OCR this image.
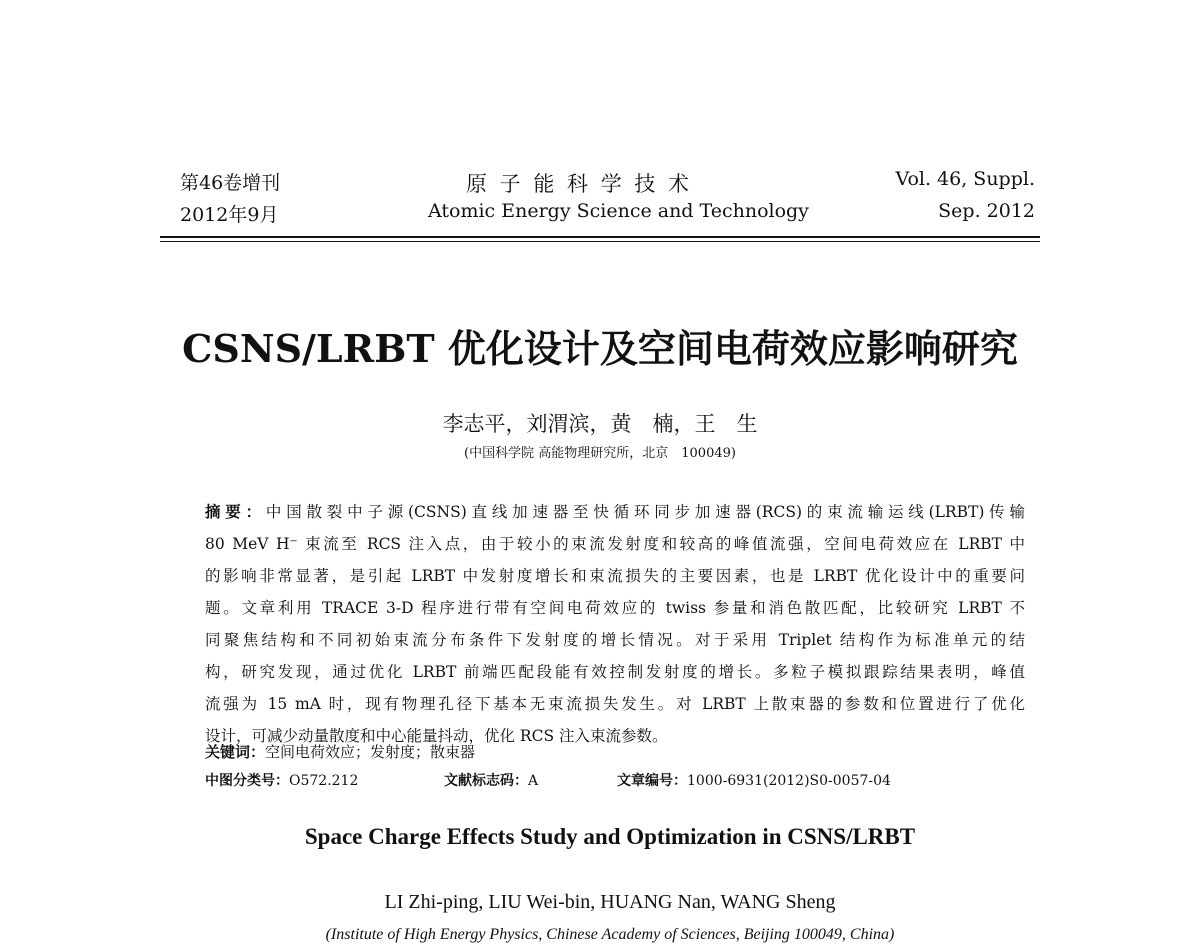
第46卷增刊
2012年9月
原 子 能 科 学 技 术
Atomic Energy Science and Technology
Vol. 46, Suppl.
Sep. 2012
CSNS/LRBT 优化设计及空间电荷效应影响研究
李志平，刘渭滨，黄　楠，王　生
(中国科学院 高能物理研究所，北京　100049)
摘要：中国散裂中子源(CSNS)直线加速器至快循环同步加速器(RCS)的束流输运线(LRBT)传输
80 MeV H⁻ 束流至 RCS 注入点，由于较小的束流发射度和较高的峰值流强，空间电荷效应在 LRBT 中
的影响非常显著，是引起 LRBT 中发射度增长和束流损失的主要因素，也是 LRBT 优化设计中的重要问
题。文章利用 TRACE 3-D 程序进行带有空间电荷效应的 twiss 参量和消色散匹配，比较研究 LRBT 不
同聚焦结构和不同初始束流分布条件下发射度的增长情况。对于采用 Triplet 结构作为标准单元的结
构，研究发现，通过优化 LRBT 前端匹配段能有效控制发射度的增长。多粒子模拟跟踪结果表明，峰值
流强为 15 mA 时，现有物理孔径下基本无束流损失发生。对 LRBT 上散束器的参数和位置进行了优化
设计，可减少动量散度和中心能量抖动，优化 RCS 注入束流参数。
关键词：空间电荷效应；发射度；散束器
中图分类号：O572.212	文献标志码：A	文章编号：1000-6931(2012)S0-0057-04
Space Charge Effects Study and Optimization in CSNS/LRBT
LI Zhi-ping, LIU Wei-bin, HUANG Nan, WANG Sheng
(Institute of High Energy Physics, Chinese Academy of Sciences, Beijing 100049, China)
